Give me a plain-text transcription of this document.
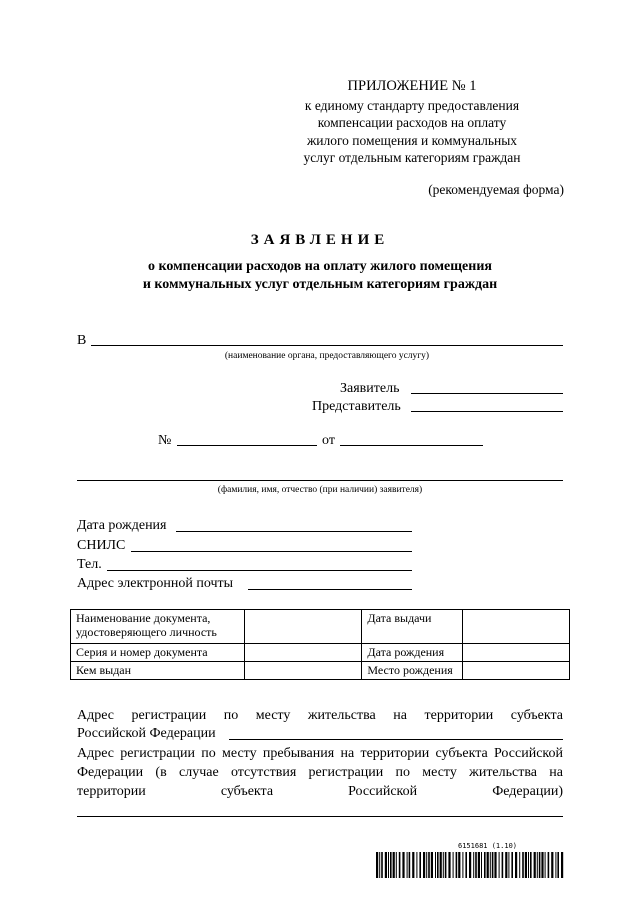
ПРИЛОЖЕНИЕ № 1
к единому стандарту предоставления
компенсации расходов на оплату
жилого помещения и коммунальных
услуг отдельным категориям граждан
(рекомендуемая форма)
ЗАЯВЛЕНИЕ
о компенсации расходов на оплату жилого помещения
и коммунальных услуг отдельным категориям граждан
В
(наименование органа, предоставляющего услугу)
Заявитель
Представитель
№	от
(фамилия, имя, отчество (при наличии) заявителя)
Дата рождения
СНИЛС
Тел.
Адрес электронной почты
Наименование документа, удостоверяющего личность		Дата выдачи	
Серия и номер документа		Дата рождения	
Кем выдан		Место рождения	
Адрес регистрации по месту жительства на территории субъекта
Российской Федерации
Адрес регистрации по месту пребывания на территории субъекта Российской Федерации (в случае отсутствия регистрации по месту жительства на территории субъекта Российской Федерации)
6151681 (1.10)
